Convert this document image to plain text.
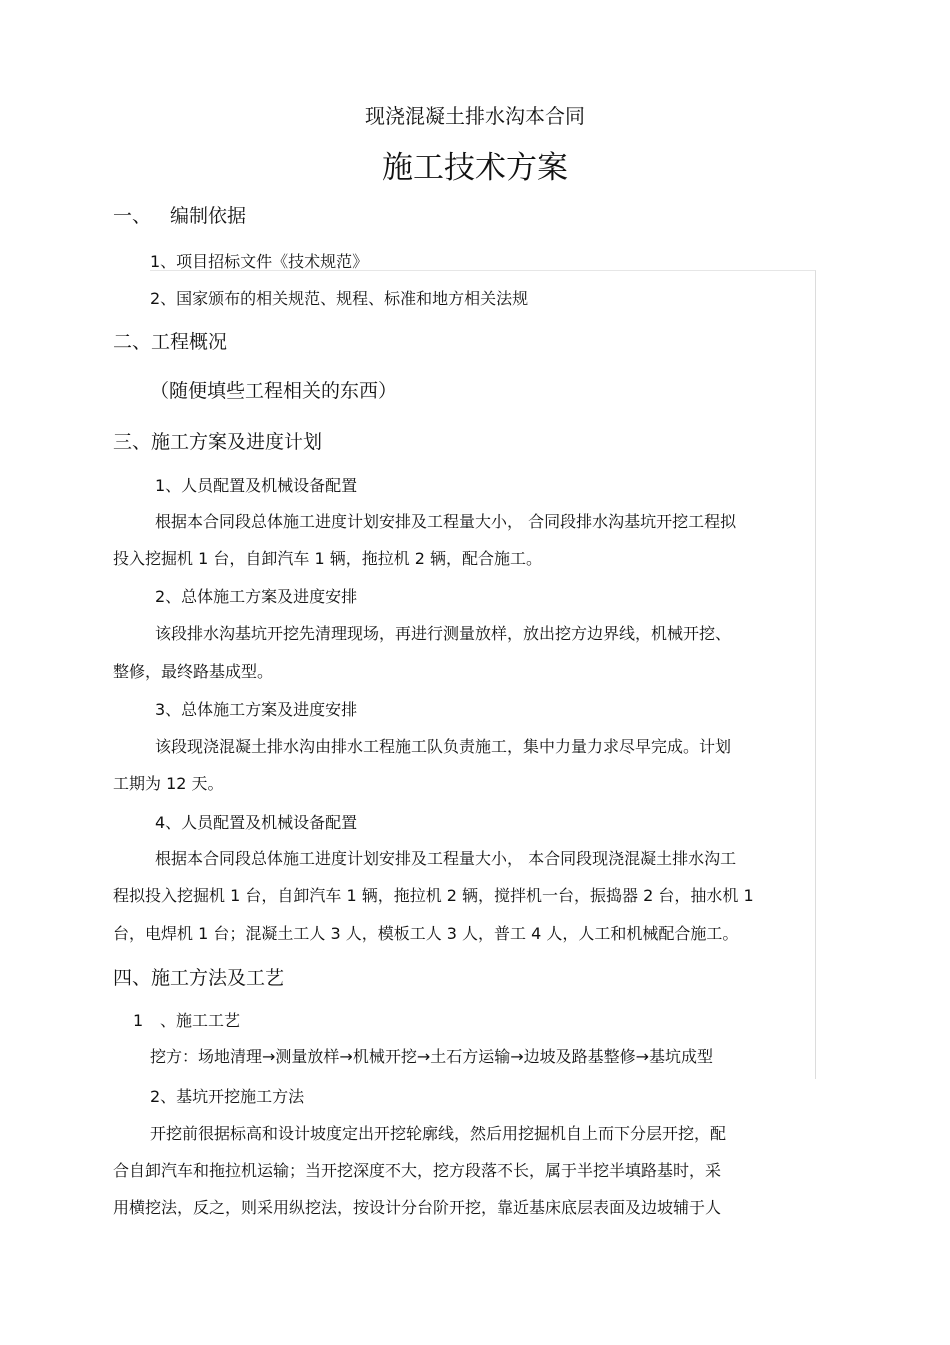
现浇混凝土排水沟本合同
施工技术方案
一、 编制依据
1、项目招标文件《技术规范》
2、国家颁布的相关规范、规程、标准和地方相关法规
二、工程概况
（随便填些工程相关的东西）
三、施工方案及进度计划
1、人员配置及机械设备配置
根据本合同段总体施工进度计划安排及工程量大小， 合同段排水沟基坑开挖工程拟
投入挖掘机 1 台，自卸汽车 1 辆，拖拉机 2 辆，配合施工。
2、总体施工方案及进度安排
该段排水沟基坑开挖先清理现场，再进行测量放样，放出挖方边界线，机械开挖、
整修，最终路基成型。
3、总体施工方案及进度安排
该段现浇混凝土排水沟由排水工程施工队负责施工，集中力量力求尽早完成。计划
工期为 12 天。
4、人员配置及机械设备配置
根据本合同段总体施工进度计划安排及工程量大小， 本合同段现浇混凝土排水沟工
程拟投入挖掘机 1 台，自卸汽车 1 辆，拖拉机 2 辆，搅拌机一台，振捣器 2 台，抽水机 1
台，电焊机 1 台；混凝土工人 3 人，模板工人 3 人，普工 4 人，人工和机械配合施工。
四、施工方法及工艺
1 、施工工艺
挖方：场地清理→测量放样→机械开挖→土石方运输→边坡及路基整修→基坑成型
2、基坑开挖施工方法
开挖前很据标高和设计坡度定出开挖轮廓线，然后用挖掘机自上而下分层开挖，配
合自卸汽车和拖拉机运输；当开挖深度不大，挖方段落不长，属于半挖半填路基时，采
用横挖法，反之，则采用纵挖法，按设计分台阶开挖，靠近基床底层表面及边坡辅于人
